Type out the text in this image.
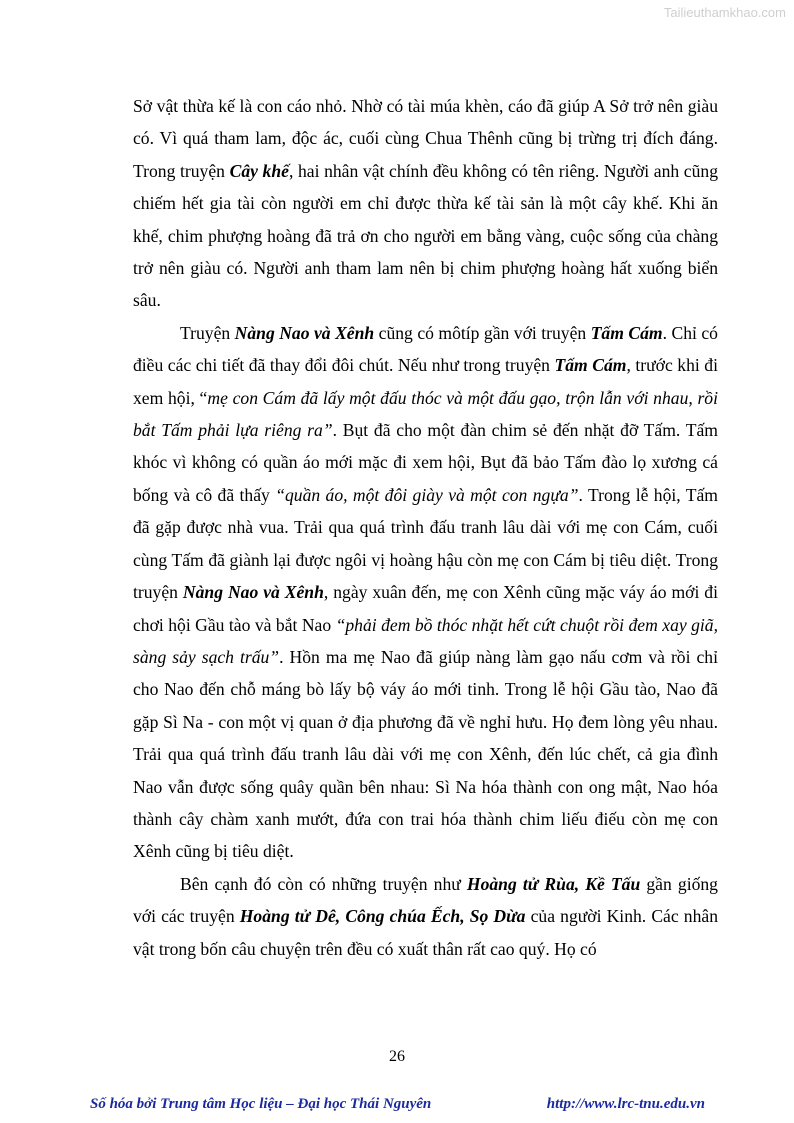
Tailieuthamkhao.com

Sở vật thừa kế là con cáo nhỏ. Nhờ có tài múa khèn, cáo đã giúp A Sở trở nên giàu có. Vì quá tham lam, độc ác, cuối cùng Chua Thênh cũng bị trừng trị đích đáng. Trong truyện Cây khế, hai nhân vật chính đều không có tên riêng. Người anh cũng chiếm hết gia tài còn người em chỉ được thừa kế tài sản là một cây khế. Khi ăn khế, chim phượng hoàng đã trả ơn cho người em bằng vàng, cuộc sống của chàng trở nên giàu có. Người anh tham lam nên bị chim phượng hoàng hất xuống biển sâu.

Truyện Nàng Nao và Xênh cũng có môtíp gần với truyện Tấm Cám. Chỉ có điều các chi tiết đã thay đổi đôi chút. Nếu như trong truyện Tấm Cám, trước khi đi xem hội, “mẹ con Cám đã lấy một đấu thóc và một đấu gạo, trộn lẫn với nhau, rồi bắt Tấm phải lựa riêng ra”. Bụt đã cho một đàn chim sẻ đến nhặt đỡ Tấm. Tấm khóc vì không có quần áo mới mặc đi xem hội, Bụt đã bảo Tấm đào lọ xương cá bống và cô đã thấy “quần áo, một đôi giày và một con ngựa”. Trong lễ hội, Tấm đã gặp được nhà vua. Trải qua quá trình đấu tranh lâu dài với mẹ con Cám, cuối cùng Tấm đã giành lại được ngôi vị hoàng hậu còn mẹ con Cám bị tiêu diệt. Trong truyện Nàng Nao và Xênh, ngày xuân đến, mẹ con Xênh cũng mặc váy áo mới đi chơi hội Gầu tào và bắt Nao “phải đem bồ thóc nhặt hết cứt chuột rồi đem xay giã, sàng sảy sạch trấu”. Hồn ma mẹ Nao đã giúp nàng làm gạo nấu cơm và rồi chỉ cho Nao đến chỗ máng bò lấy bộ váy áo mới tinh. Trong lễ hội Gầu tào, Nao đã gặp Sì Na - con một vị quan ở địa phương đã về nghỉ hưu. Họ đem lòng yêu nhau. Trải qua quá trình đấu tranh lâu dài với mẹ con Xênh, đến lúc chết, cả gia đình Nao vẫn được sống quây quần bên nhau: Sì Na hóa thành con ong mật, Nao hóa thành cây chàm xanh mướt, đứa con trai hóa thành chim liếu điếu còn mẹ con Xênh cũng bị tiêu diệt.

Bên cạnh đó còn có những truyện như Hoàng tử Rùa, Kề Tấu gần giống với các truyện Hoàng tử Dê, Công chúa Ếch, Sọ Dừa của người Kinh. Các nhân vật trong bốn câu chuyện trên đều có xuất thân rất cao quý. Họ có

26
Số hóa bởi Trung tâm Học liệu – Đại học Thái Nguyên	http://www.lrc-tnu.edu.vn
